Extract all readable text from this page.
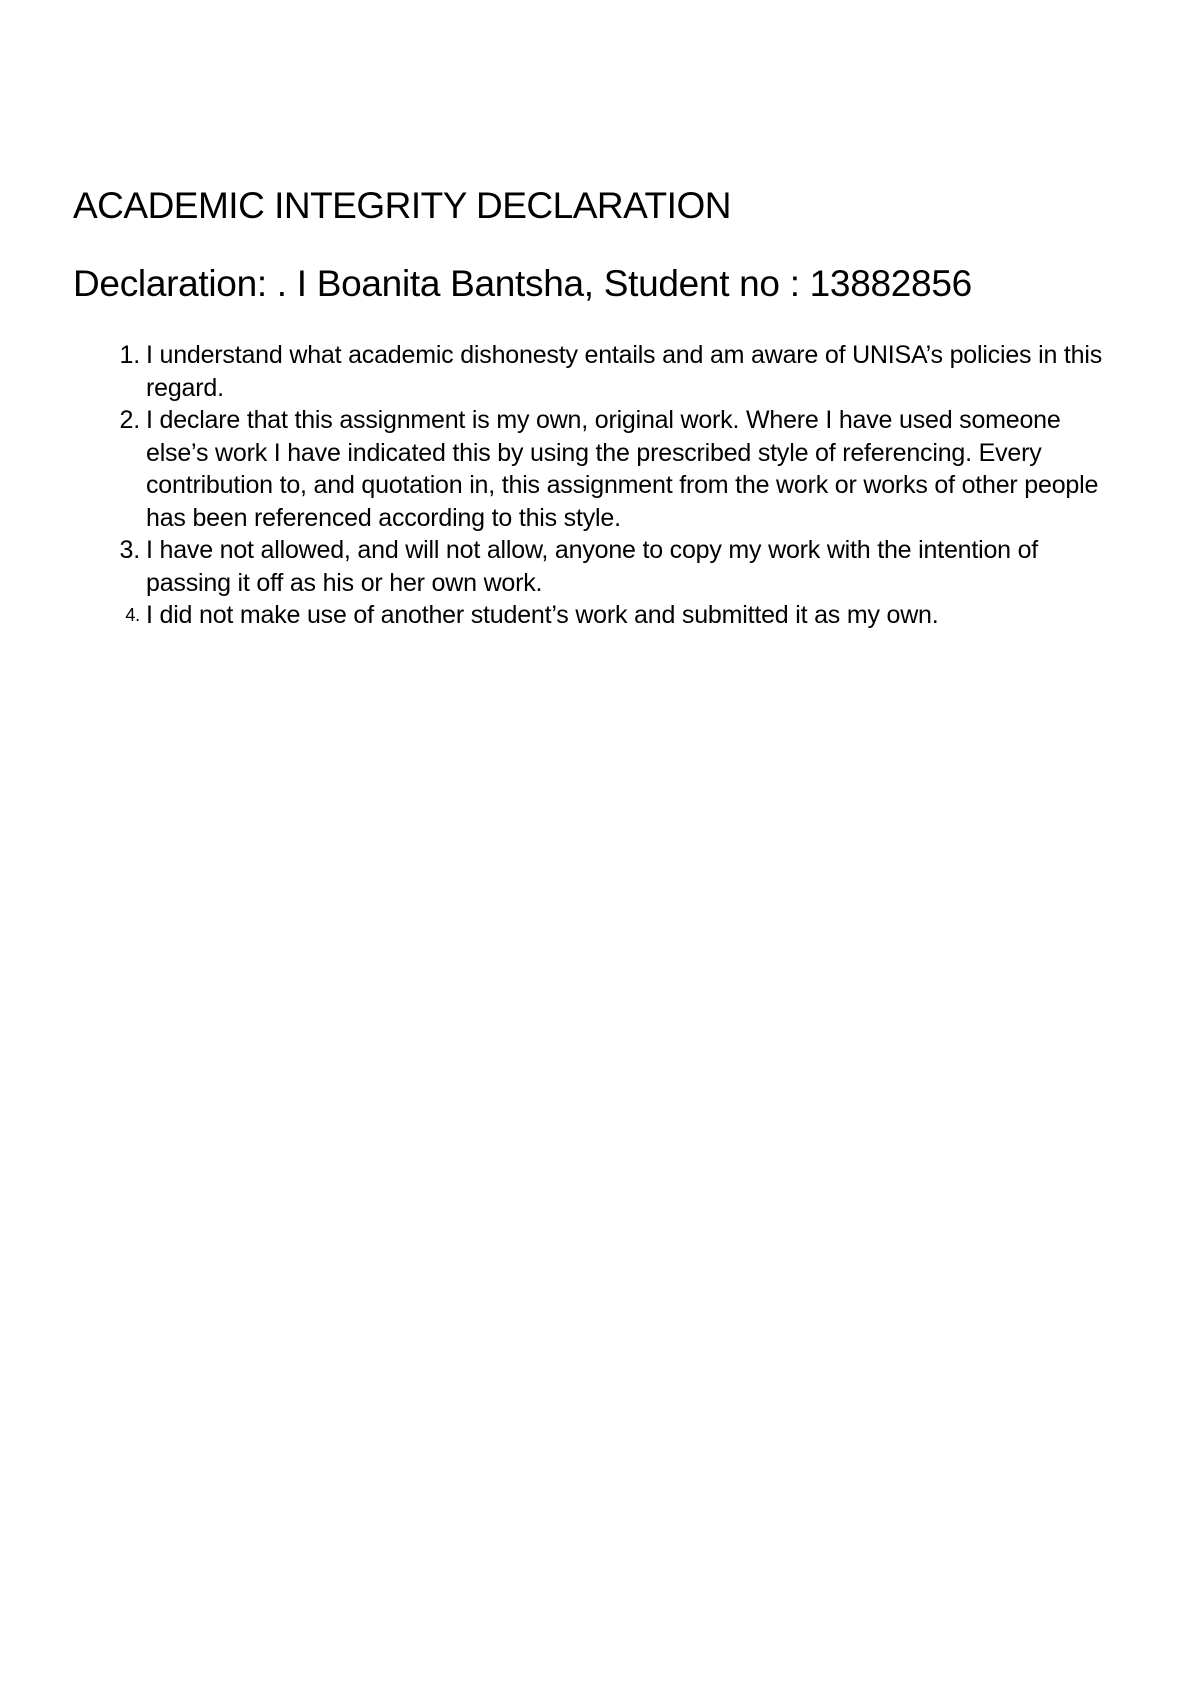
ACADEMIC INTEGRITY DECLARATION

Declaration: . I Boanita Bantsha, Student no : 13882856

1. I understand what academic dishonesty entails and am aware of UNISA’s policies in this regard.
2. I declare that this assignment is my own, original work. Where I have used someone else’s work I have indicated this by using the prescribed style of referencing. Every contribution to, and quotation in, this assignment from the work or works of other people has been referenced according to this style.
3. I have not allowed, and will not allow, anyone to copy my work with the intention of passing it off as his or her own work.
4. I did not make use of another student’s work and submitted it as my own.
